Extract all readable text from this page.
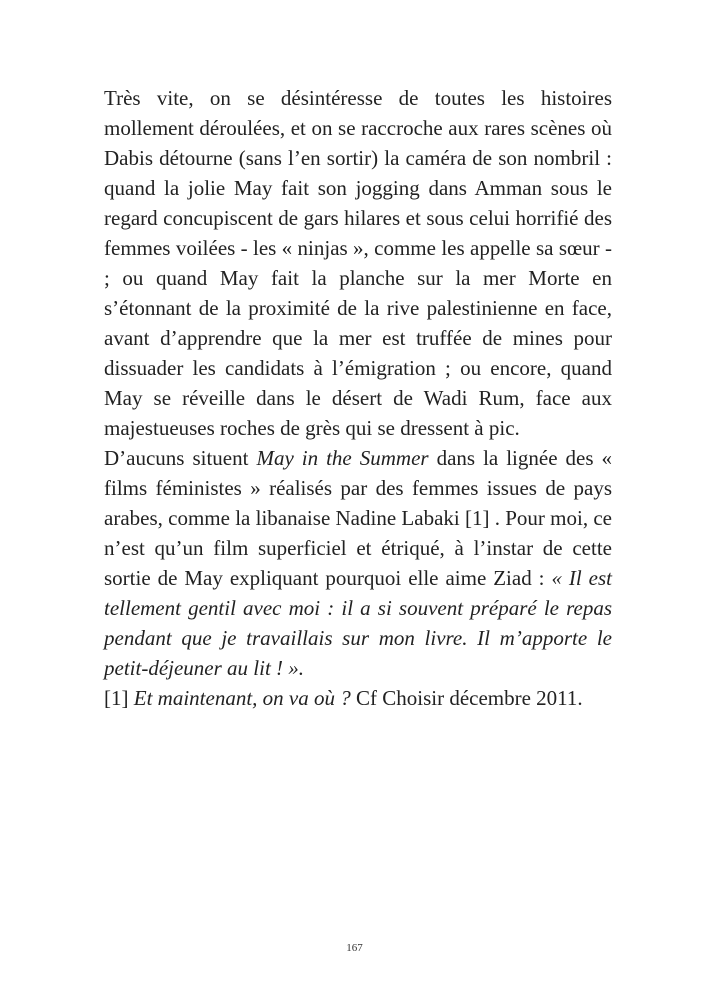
Très vite, on se désintéresse de toutes les histoires mollement déroulées, et on se raccroche aux rares scènes où Dabis détourne (sans l’en sortir) la caméra de son nombril : quand la jolie May fait son jogging dans Amman sous le regard concupiscent de gars hilares et sous celui horrifié des femmes voilées - les « ninjas », comme les appelle sa sœur - ; ou quand May fait la planche sur la mer Morte en s’étonnant de la proximité de la rive palestinienne en face, avant d’apprendre que la mer est truffée de mines pour dissuader les candidats à l’émigration ; ou encore, quand May se réveille dans le désert de Wadi Rum, face aux majestueuses roches de grès qui se dressent à pic.

D’aucuns situent May in the Summer dans la lignée des « films féministes » réalisés par des femmes issues de pays arabes, comme la libanaise Nadine Labaki [1] . Pour moi, ce n’est qu’un film superficiel et étriqué, à l’instar de cette sortie de May expliquant pourquoi elle aime Ziad : « Il est tellement gentil avec moi : il a si souvent préparé le repas pendant que je travaillais sur mon livre. Il m’apporte le petit-déjeuner au lit ! ».

[1] Et maintenant, on va où ? Cf Choisir décembre 2011.

167
